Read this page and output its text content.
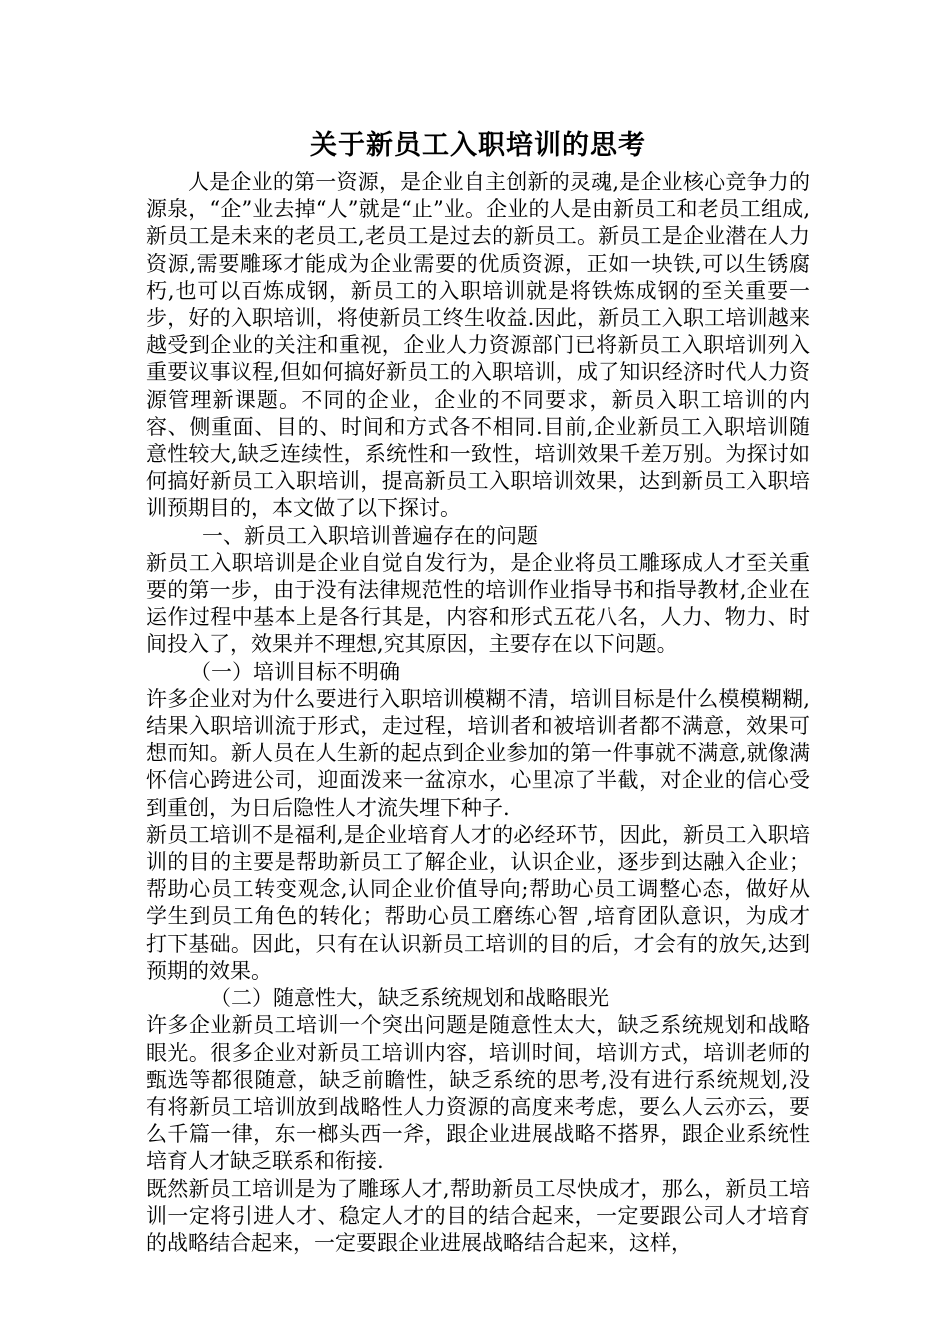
关于新员工入职培训的思考

人是企业的第一资源，是企业自主创新的灵魂,是企业核心竞争力的源泉，“企”业去掉“人”就是“止”业。企业的人是由新员工和老员工组成,新员工是未来的老员工,老员工是过去的新员工。新员工是企业潜在人力资源,需要雕琢才能成为企业需要的优质资源，正如一块铁,可以生锈腐朽,也可以百炼成钢，新员工的入职培训就是将铁炼成钢的至关重要一步，好的入职培训，将使新员工终生收益.因此，新员工入职工培训越来越受到企业的关注和重视，企业人力资源部门已将新员工入职培训列入重要议事议程,但如何搞好新员工的入职培训，成了知识经济时代人力资源管理新课题。不同的企业，企业的不同要求，新员入职工培训的内容、侧重面、目的、时间和方式各不相同.目前,企业新员工入职培训随意性较大,缺乏连续性，系统性和一致性，培训效果千差万别。为探讨如何搞好新员工入职培训，提高新员工入职培训效果，达到新员工入职培训预期目的，本文做了以下探讨。

一、新员工入职培训普遍存在的问题

新员工入职培训是企业自觉自发行为，是企业将员工雕琢成人才至关重要的第一步，由于没有法律规范性的培训作业指导书和指导教材,企业在运作过程中基本上是各行其是，内容和形式五花八名，人力、物力、时间投入了，效果并不理想,究其原因，主要存在以下问题。

（一）培训目标不明确

许多企业对为什么要进行入职培训模糊不清，培训目标是什么模模糊糊,结果入职培训流于形式，走过程，培训者和被培训者都不满意，效果可想而知。新人员在人生新的起点到企业参加的第一件事就不满意,就像满怀信心跨进公司，迎面泼来一盆凉水，心里凉了半截，对企业的信心受到重创，为日后隐性人才流失埋下种子.

新员工培训不是福利,是企业培育人才的必经环节，因此，新员工入职培训的目的主要是帮助新员工了解企业，认识企业，逐步到达融入企业；帮助心员工转变观念,认同企业价值导向;帮助心员工调整心态，做好从学生到员工角色的转化；帮助心员工磨练心智 ,培育团队意识，为成才打下基础。因此，只有在认识新员工培训的目的后，才会有的放矢,达到预期的效果。

（二）随意性大，缺乏系统规划和战略眼光

许多企业新员工培训一个突出问题是随意性太大，缺乏系统规划和战略眼光。很多企业对新员工培训内容，培训时间，培训方式，培训老师的甄选等都很随意，缺乏前瞻性，缺乏系统的思考,没有进行系统规划,没有将新员工培训放到战略性人力资源的高度来考虑，要么人云亦云，要么千篇一律，东一榔头西一斧，跟企业进展战略不搭界，跟企业系统性培育人才缺乏联系和衔接.

既然新员工培训是为了雕琢人才,帮助新员工尽快成才，那么，新员工培训一定将引进人才、稳定人才的目的结合起来，一定要跟公司人才培育的战略结合起来，一定要跟企业进展战略结合起来，这样，
